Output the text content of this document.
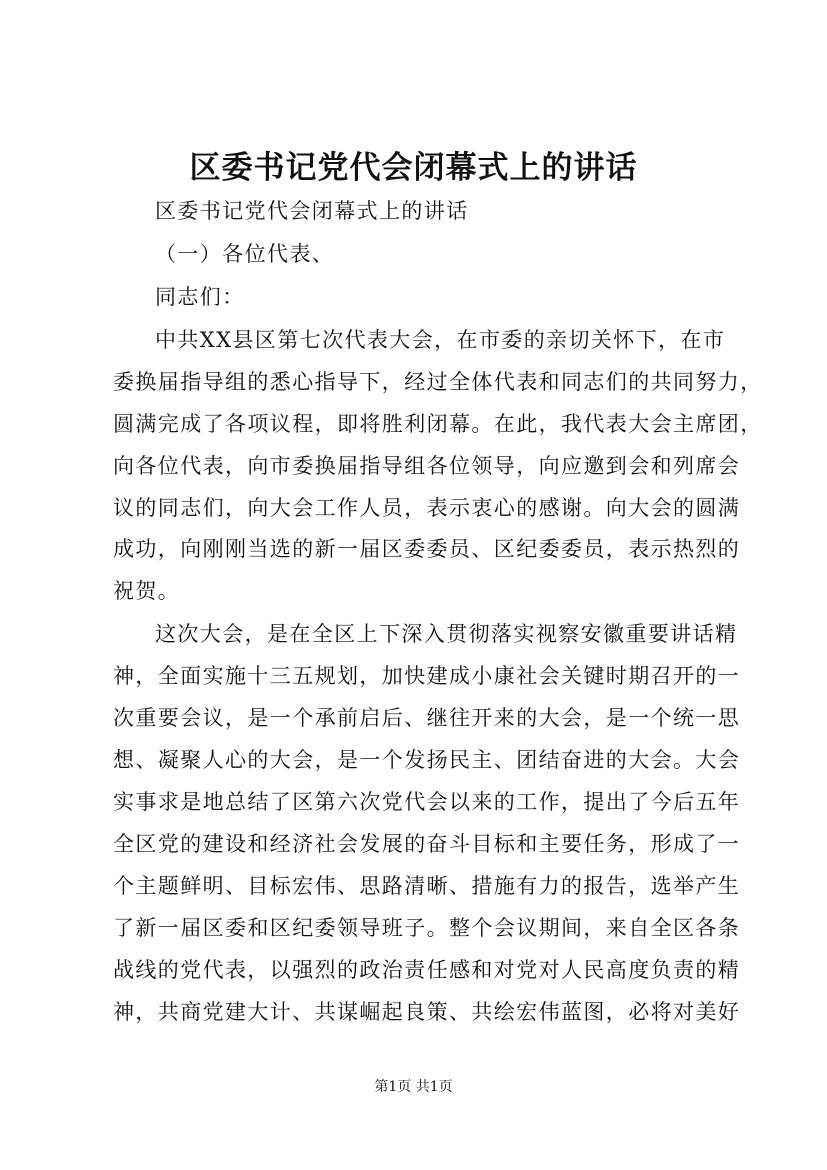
区委书记党代会闭幕式上的讲话
区委书记党代会闭幕式上的讲话
（一）各位代表、
同志们：
中共XX县区第七次代表大会，在市委的亲切关怀下，在市
委换届指导组的悉心指导下，经过全体代表和同志们的共同努力，
圆满完成了各项议程，即将胜利闭幕。在此，我代表大会主席团，
向各位代表，向市委换届指导组各位领导，向应邀到会和列席会
议的同志们，向大会工作人员，表示衷心的感谢。向大会的圆满
成功，向刚刚当选的新一届区委委员、区纪委委员，表示热烈的
祝贺。
这次大会，是在全区上下深入贯彻落实视察安徽重要讲话精
神，全面实施十三五规划，加快建成小康社会关键时期召开的一
次重要会议，是一个承前启后、继往开来的大会，是一个统一思
想、凝聚人心的大会，是一个发扬民主、团结奋进的大会。大会
实事求是地总结了区第六次党代会以来的工作，提出了今后五年
全区党的建设和经济社会发展的奋斗目标和主要任务，形成了一
个主题鲜明、目标宏伟、思路清晰、措施有力的报告，选举产生
了新一届区委和区纪委领导班子。整个会议期间，来自全区各条
战线的党代表，以强烈的政治责任感和对党对人民高度负责的精
神，共商党建大计、共谋崛起良策、共绘宏伟蓝图，必将对美好
第1页 共1页
